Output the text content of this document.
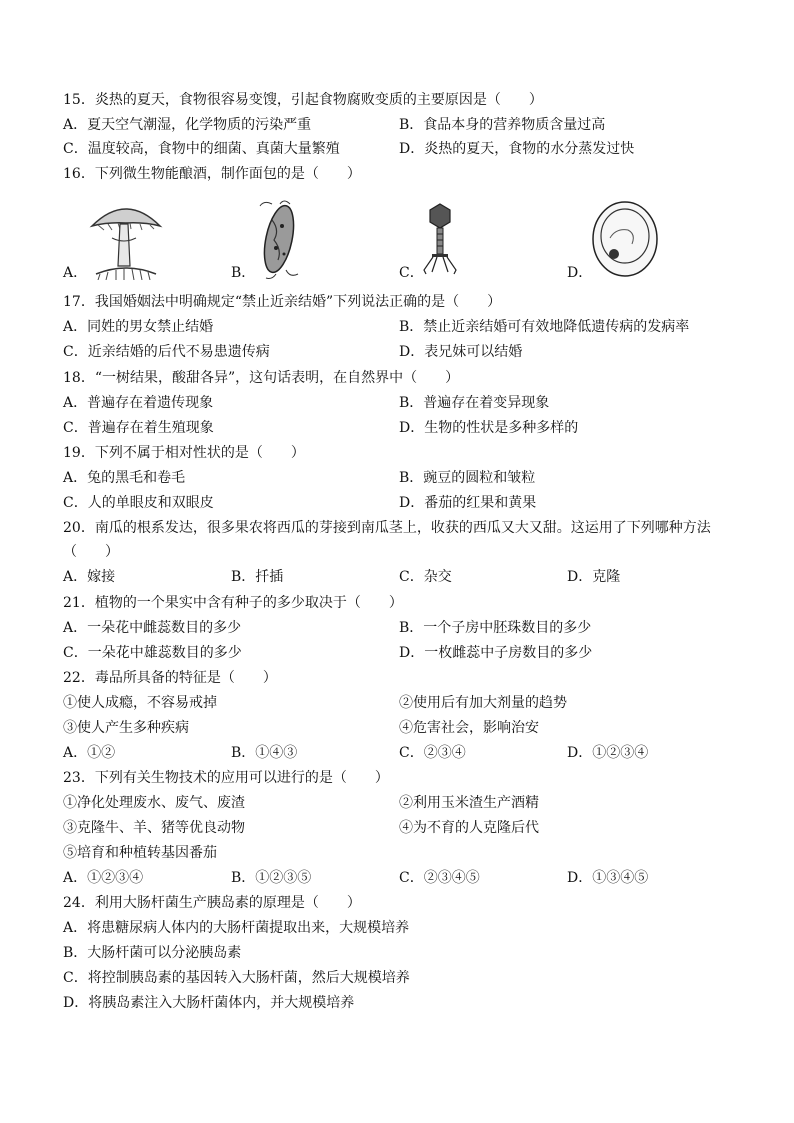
15．炎热的夏天，食物很容易变馊，引起食物腐败变质的主要原因是（　　）
A．夏天空气潮湿，化学物质的污染严重	B．食品本身的营养物质含量过高
C．温度较高，食物中的细菌、真菌大量繁殖	D．炎热的夏天，食物的水分蒸发过快
16．下列微生物能酿酒，制作面包的是（　　）
A．	B．	C．	D．
17．我国婚姻法中明确规定“禁止近亲结婚”下列说法正确的是（　　）
A．同姓的男女禁止结婚	B．禁止近亲结婚可有效地降低遗传病的发病率
C．近亲结婚的后代不易患遗传病	D．表兄妹可以结婚
18．“一树结果，酸甜各异”，这句话表明，在自然界中（　　）
A．普遍存在着遗传现象	B．普遍存在着变异现象
C．普遍存在着生殖现象	D．生物的性状是多种多样的
19．下列不属于相对性状的是（　　）
A．兔的黑毛和卷毛	B．豌豆的圆粒和皱粒
C．人的单眼皮和双眼皮	D．番茄的红果和黄果
20．南瓜的根系发达，很多果农将西瓜的芽接到南瓜茎上，收获的西瓜又大又甜。这运用了下列哪种方法
（　　）
A．嫁接	B．扦插	C．杂交	D．克隆
21．植物的一个果实中含有种子的多少取决于（　　）
A．一朵花中雌蕊数目的多少	B．一个子房中胚珠数目的多少
C．一朵花中雄蕊数目的多少	D．一枚雌蕊中子房数目的多少
22．毒品所具备的特征是（　　）
①使人成瘾，不容易戒掉	②使用后有加大剂量的趋势
③使人产生多种疾病	④危害社会，影响治安
A．①②	B．①④③	C．②③④	D．①②③④
23．下列有关生物技术的应用可以进行的是（　　）
①净化处理废水、废气、废渣	②利用玉米渣生产酒精
③克隆牛、羊、猪等优良动物	④为不育的人克隆后代
⑤培育和种植转基因番茄
A．①②③④	B．①②③⑤	C．②③④⑤	D．①③④⑤
24．利用大肠杆菌生产胰岛素的原理是（　　）
A．将患糖尿病人体内的大肠杆菌提取出来，大规模培养
B．大肠杆菌可以分泌胰岛素
C．将控制胰岛素的基因转入大肠杆菌，然后大规模培养
D．将胰岛素注入大肠杆菌体内，并大规模培养
